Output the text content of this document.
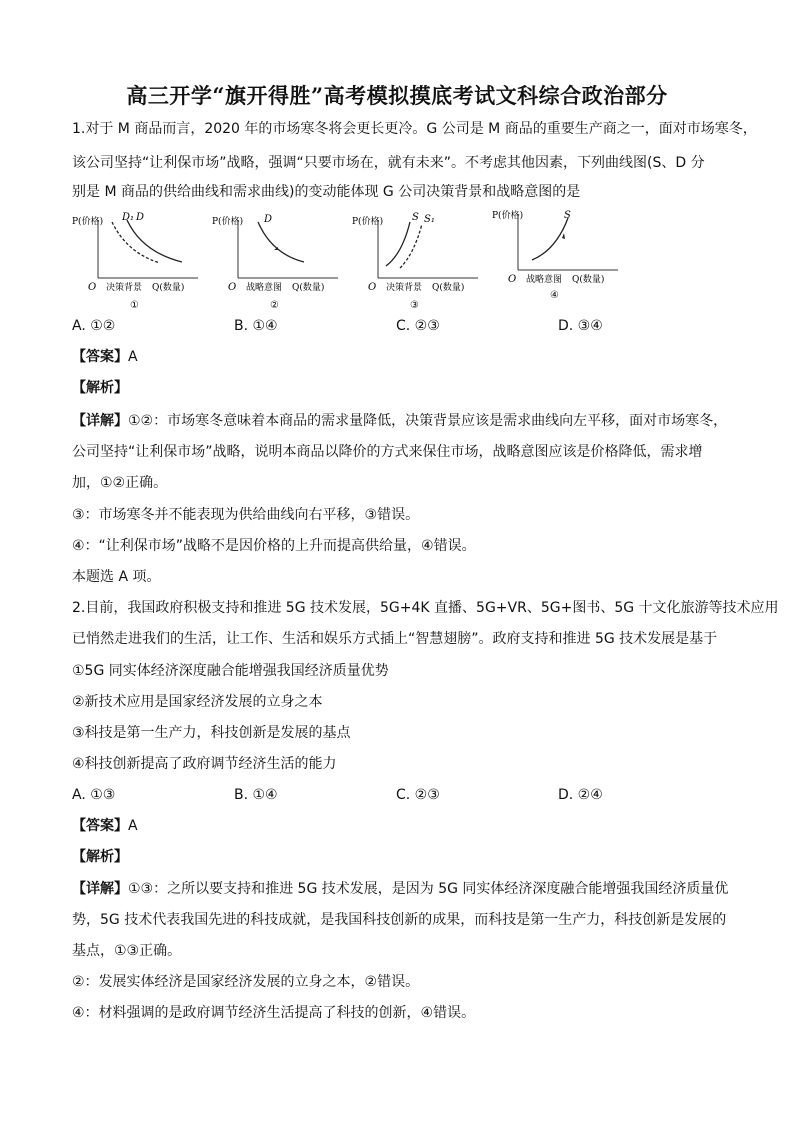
高三开学“旗开得胜”高考模拟摸底考试文科综合政治部分
1.对于 M 商品而言，2020 年的市场寒冬将会更长更冷。G 公司是 M 商品的重要生产商之一，面对市场寒冬，
该公司坚持“让利保市场”战略，强调“只要市场在，就有未来”。不考虑其他因素，下列曲线图(S、D 分
别是 M 商品的供给曲线和需求曲线)的变动能体现 G 公司决策背景和战略意图的是
P(价格) D₁ D
O 决策背景 Q(数量)
①
P(价格) D
O 战略意图 Q(数量)
②
P(价格)	S S₁
O 决策背景 Q(数量)
③
P(价格)	S
O 战略意图 Q(数量)
④
A. ①②	B. ①④	C. ②③	D. ③④
【答案】A
【解析】
【详解】①②：市场寒冬意味着本商品的需求量降低，决策背景应该是需求曲线向左平移，面对市场寒冬，
公司坚持“让利保市场”战略，说明本商品以降价的方式来保住市场，战略意图应该是价格降低，需求增
加，①②正确。
③：市场寒冬并不能表现为供给曲线向右平移，③错误。
④：“让利保市场”战略不是因价格的上升而提高供给量，④错误。
本题选 A 项。
2.目前，我国政府积极支持和推进 5G 技术发展，5G+4K 直播、5G+VR、5G+图书、5G 十文化旅游等技术应用
已悄然走进我们的生活，让工作、生活和娱乐方式插上“智慧翅膀”。政府支持和推进 5G 技术发展是基于
①5G 同实体经济深度融合能增强我国经济质量优势
②新技术应用是国家经济发展的立身之本
③科技是第一生产力，科技创新是发展的基点
④科技创新提高了政府调节经济生活的能力
A. ①③	B. ①④	C. ②③	D. ②④
【答案】A
【解析】
【详解】①③：之所以要支持和推进 5G 技术发展，是因为 5G 同实体经济深度融合能增强我国经济质量优
势，5G 技术代表我国先进的科技成就，是我国科技创新的成果，而科技是第一生产力，科技创新是发展的
基点，①③正确。
②：发展实体经济是国家经济发展的立身之本，②错误。
④：材料强调的是政府调节经济生活提高了科技的创新，④错误。
